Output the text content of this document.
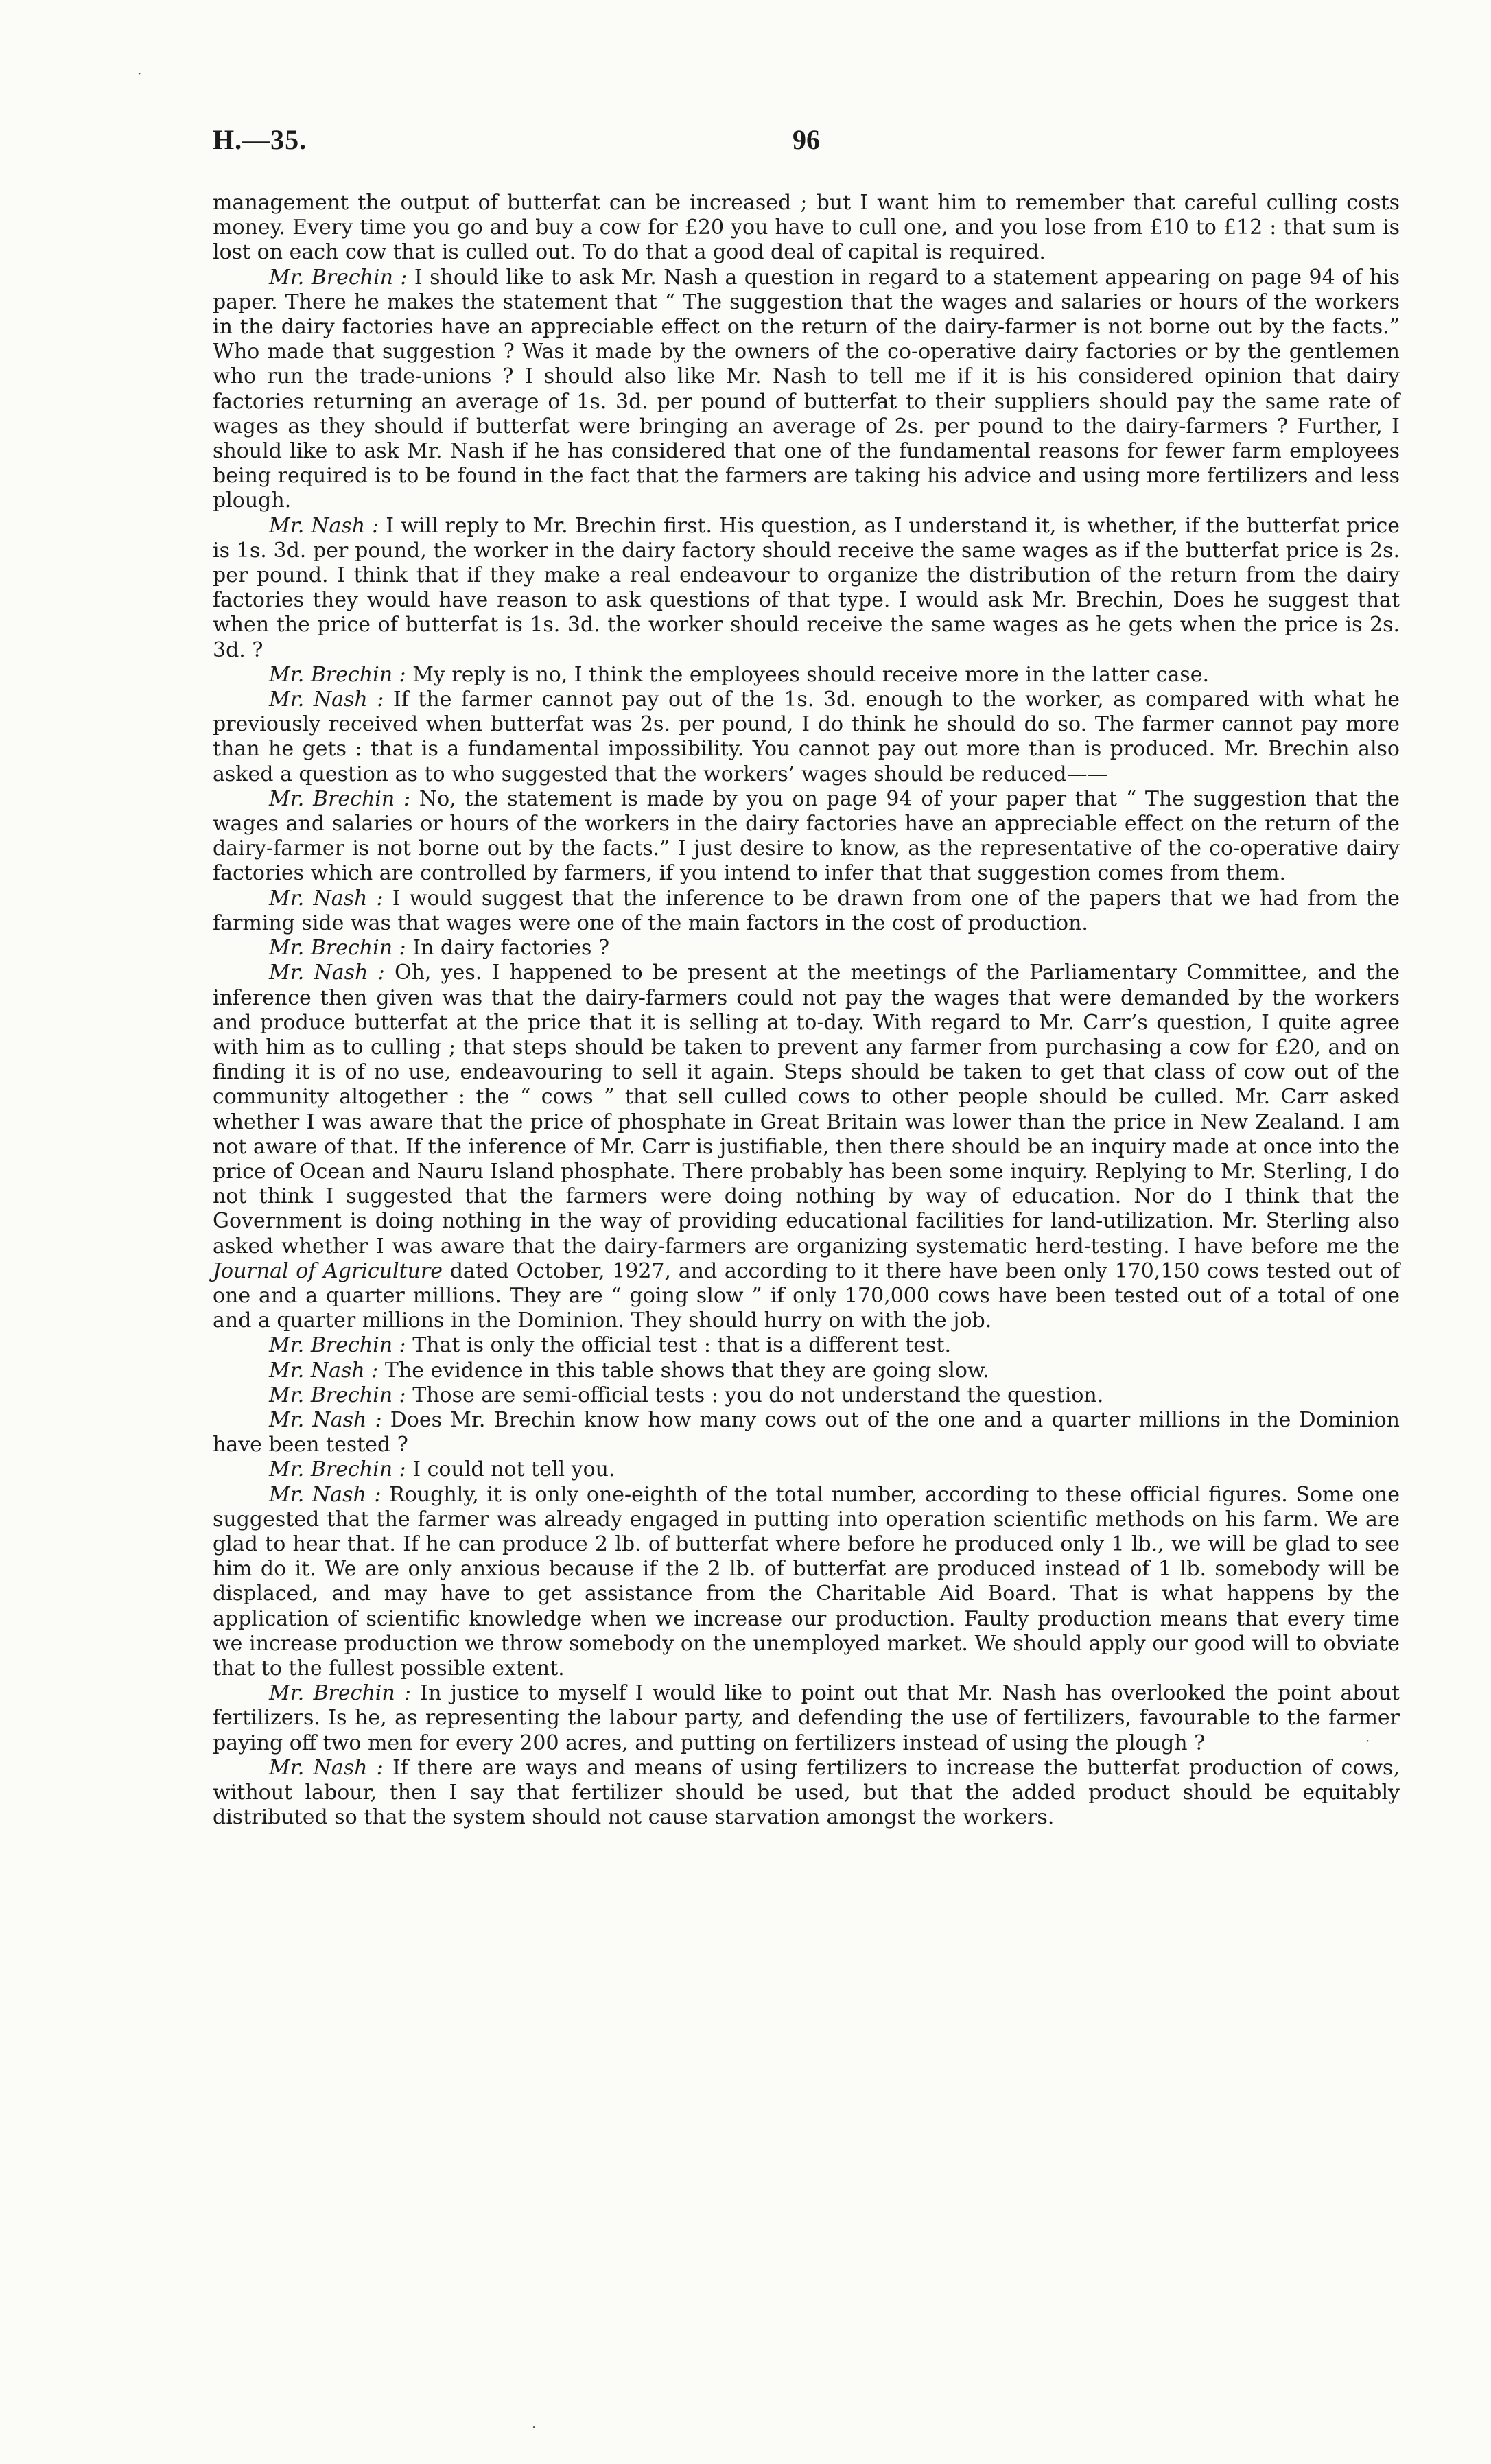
H.—35.	96

management the output of butterfat can be increased ; but I want him to remember that careful culling costs money. Every time you go and buy a cow for £20 you have to cull one, and you lose from £10 to £12 : that sum is lost on each cow that is culled out. To do that a good deal of capital is required.

Mr. Brechin : I should like to ask Mr. Nash a question in regard to a statement appearing on page 94 of his paper. There he makes the statement that “ The suggestion that the wages and salaries or hours of the workers in the dairy factories have an appreciable effect on the return of the dairy-farmer is not borne out by the facts.” Who made that suggestion ? Was it made by the owners of the co-operative dairy factories or by the gentlemen who run the trade-unions ? I should also like Mr. Nash to tell me if it is his considered opinion that dairy factories returning an average of 1s. 3d. per pound of butterfat to their suppliers should pay the same rate of wages as they should if butterfat were bringing an average of 2s. per pound to the dairy-farmers ? Further, I should like to ask Mr. Nash if he has considered that one of the fundamental reasons for fewer farm employees being required is to be found in the fact that the farmers are taking his advice and using more fertilizers and less plough.

Mr. Nash : I will reply to Mr. Brechin first. His question, as I understand it, is whether, if the butterfat price is 1s. 3d. per pound, the worker in the dairy factory should receive the same wages as if the butterfat price is 2s. per pound. I think that if they make a real endeavour to organize the distribution of the return from the dairy factories they would have reason to ask questions of that type. I would ask Mr. Brechin, Does he suggest that when the price of butterfat is 1s. 3d. the worker should receive the same wages as he gets when the price is 2s. 3d. ?

Mr. Brechin : My reply is no, I think the employees should receive more in the latter case.

Mr. Nash : If the farmer cannot pay out of the 1s. 3d. enough to the worker, as compared with what he previously received when butterfat was 2s. per pound, I do think he should do so. The farmer cannot pay more than he gets : that is a fundamental impossibility. You cannot pay out more than is produced. Mr. Brechin also asked a question as to who suggested that the workers’ wages should be reduced——

Mr. Brechin : No, the statement is made by you on page 94 of your paper that “ The suggestion that the wages and salaries or hours of the workers in the dairy factories have an appreciable effect on the return of the dairy-farmer is not borne out by the facts.” I just desire to know, as the representative of the co-operative dairy factories which are controlled by farmers, if you intend to infer that that suggestion comes from them.

Mr. Nash : I would suggest that the inference to be drawn from one of the papers that we had from the farming side was that wages were one of the main factors in the cost of production.

Mr. Brechin : In dairy factories ?

Mr. Nash : Oh, yes. I happened to be present at the meetings of the Parliamentary Committee, and the inference then given was that the dairy-farmers could not pay the wages that were demanded by the workers and produce butterfat at the price that it is selling at to-day. With regard to Mr. Carr’s question, I quite agree with him as to culling ; that steps should be taken to prevent any farmer from purchasing a cow for £20, and on finding it is of no use, endeavouring to sell it again. Steps should be taken to get that class of cow out of the community altogether : the “ cows ” that sell culled cows to other people should be culled. Mr. Carr asked whether I was aware that the price of phosphate in Great Britain was lower than the price in New Zealand. I am not aware of that. If the inference of Mr. Carr is justifiable, then there should be an inquiry made at once into the price of Ocean and Nauru Island phosphate. There probably has been some inquiry. Replying to Mr. Sterling, I do not think I suggested that the farmers were doing nothing by way of education. Nor do I think that the Government is doing nothing in the way of providing educational facilities for land-utilization. Mr. Sterling also asked whether I was aware that the dairy-farmers are organizing systematic herd-testing. I have before me the Journal of Agriculture dated October, 1927, and according to it there have been only 170,150 cows tested out of one and a quarter millions. They are “ going slow ” if only 170,000 cows have been tested out of a total of one and a quarter millions in the Dominion. They should hurry on with the job.

Mr. Brechin : That is only the official test : that is a different test.

Mr. Nash : The evidence in this table shows that they are going slow.

Mr. Brechin : Those are semi-official tests : you do not understand the question.

Mr. Nash : Does Mr. Brechin know how many cows out of the one and a quarter millions in the Dominion have been tested ?

Mr. Brechin : I could not tell you.

Mr. Nash : Roughly, it is only one-eighth of the total number, according to these official figures. Some one suggested that the farmer was already engaged in putting into operation scientific methods on his farm. We are glad to hear that. If he can produce 2 lb. of butterfat where before he produced only 1 lb., we will be glad to see him do it. We are only anxious because if the 2 lb. of butterfat are produced instead of 1 lb. somebody will be displaced, and may have to get assistance from the Charitable Aid Board. That is what happens by the application of scientific knowledge when we increase our production. Faulty production means that every time we increase production we throw somebody on the unemployed market. We should apply our good will to obviate that to the fullest possible extent.

Mr. Brechin : In justice to myself I would like to point out that Mr. Nash has overlooked the point about fertilizers. Is he, as representing the labour party, and defending the use of fertilizers, favourable to the farmer paying off two men for every 200 acres, and putting on fertilizers instead of using the plough ?

Mr. Nash : If there are ways and means of using fertilizers to increase the butterfat production of cows, without labour, then I say that fertilizer should be used, but that the added product should be equitably distributed so that the system should not cause starvation amongst the workers.

·
·
·
